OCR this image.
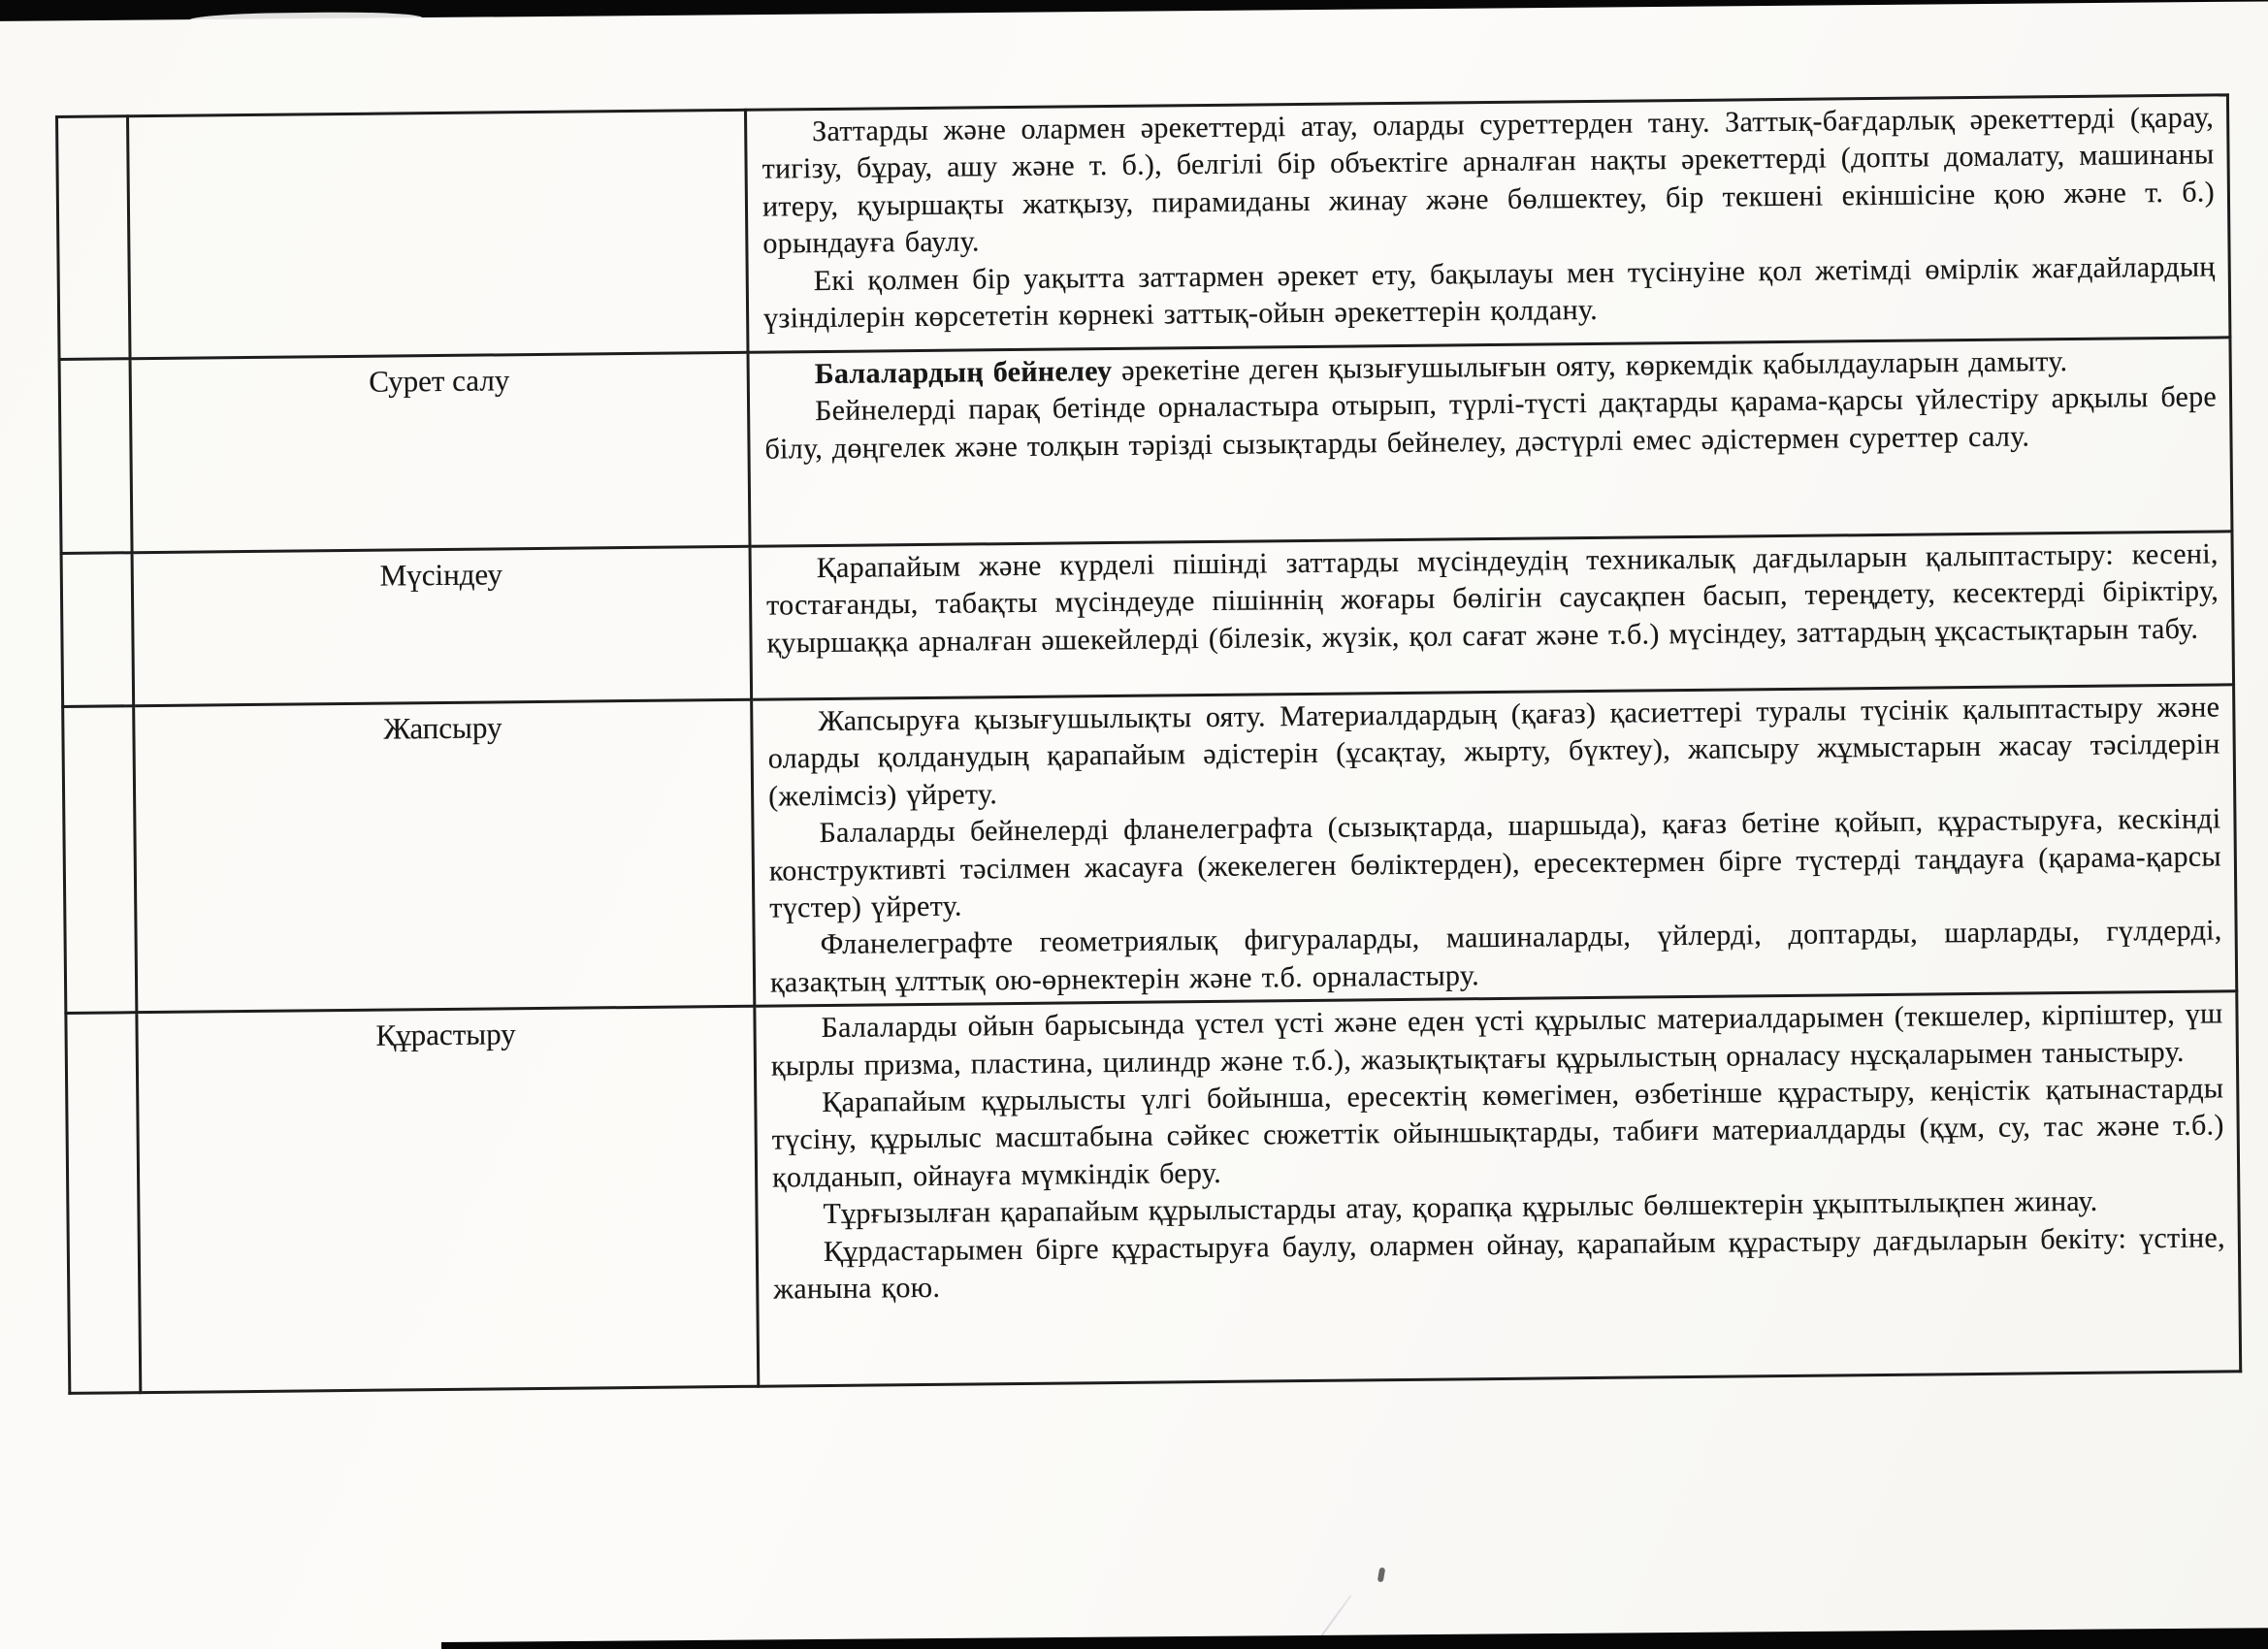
		Заттарды және олармен әрекеттерді атау, оларды суреттерден тану. Заттық-бағдарлық әрекеттерді (қарау, тигізу, бұрау, ашу және т. б.), белгілі бір объектіге арналған нақты әрекеттерді (допты домалату, машинаны итеру, қуыршақты жатқызу, пирамиданы жинау және бөлшектеу, бір текшені екіншісіне қою және т. б.) орындауға баулу.

Екі қолмен бір уақытта заттармен әрекет ету, бақылауы мен түсінуіне қол жетімді өмірлік жағдайлардың үзінділерін көрсететін көрнекі заттық-ойын әрекеттерін қолдану.

	Сурет салу	Балалардың бейнелеу әрекетіне деген қызығушылығын ояту, көркемдік қабылдауларын дамыту.

Бейнелерді парақ бетінде орналастыра отырып, түрлі-түсті дақтарды қарама-қарсы үйлестіру арқылы бере білу, дөңгелек және толқын тәрізді сызықтарды бейнелеу, дәстүрлі емес әдістермен суреттер салу.

	Мүсіндеу	Қарапайым және күрделі пішінді заттарды мүсіндеудің техникалық дағдыларын қалыптастыру: кесені, тостағанды, табақты мүсіндеуде пішіннің жоғары бөлігін саусақпен басып, тереңдету, кесектерді біріктіру, қуыршаққа арналған әшекейлерді (білезік, жүзік, қол сағат және т.б.) мүсіндеу, заттардың ұқсастықтарын табу.

	Жапсыру	Жапсыруға қызығушылықты ояту. Материалдардың (қағаз) қасиеттері туралы түсінік қалыптастыру және оларды қолданудың қарапайым әдістерін (ұсақтау, жырту, бүктеу), жапсыру жұмыстарын жасау тәсілдерін (желімсіз) үйрету.

Балаларды бейнелерді фланелеграфта (сызықтарда, шаршыда), қағаз бетіне қойып, құрастыруға, кескінді конструктивті тәсілмен жасауға (жекелеген бөліктерден), ересектермен бірге түстерді таңдауға (қарама-қарсы түстер) үйрету.

Фланелеграфте геометриялық фигураларды, машиналарды, үйлерді, доптарды, шарларды, гүлдерді, қазақтың ұлттық ою-өрнектерін және т.б. орналастыру.

	Құрастыру	Балаларды ойын барысында үстел үсті және еден үсті құрылыс материалдарымен (текшелер, кірпіштер, үш қырлы призма, пластина, цилиндр және т.б.), жазықтықтағы құрылыстың орналасу нұсқаларымен таныстыру.

Қарапайым құрылысты үлгі бойынша, ересектің көмегімен, өзбетінше құрастыру, кеңістік қатынастарды түсіну, құрылыс масштабына сәйкес сюжеттік ойыншықтарды, табиғи материалдарды (құм, су, тас және т.б.) қолданып, ойнауға мүмкіндік беру.

Тұрғызылған қарапайым құрылыстарды атау, қорапқа құрылыс бөлшектерін ұқыптылықпен жинау.

Құрдастарымен бірге құрастыруға баулу, олармен ойнау, қарапайым құрастыру дағдыларын бекіту: үстіне, жанына қою.
